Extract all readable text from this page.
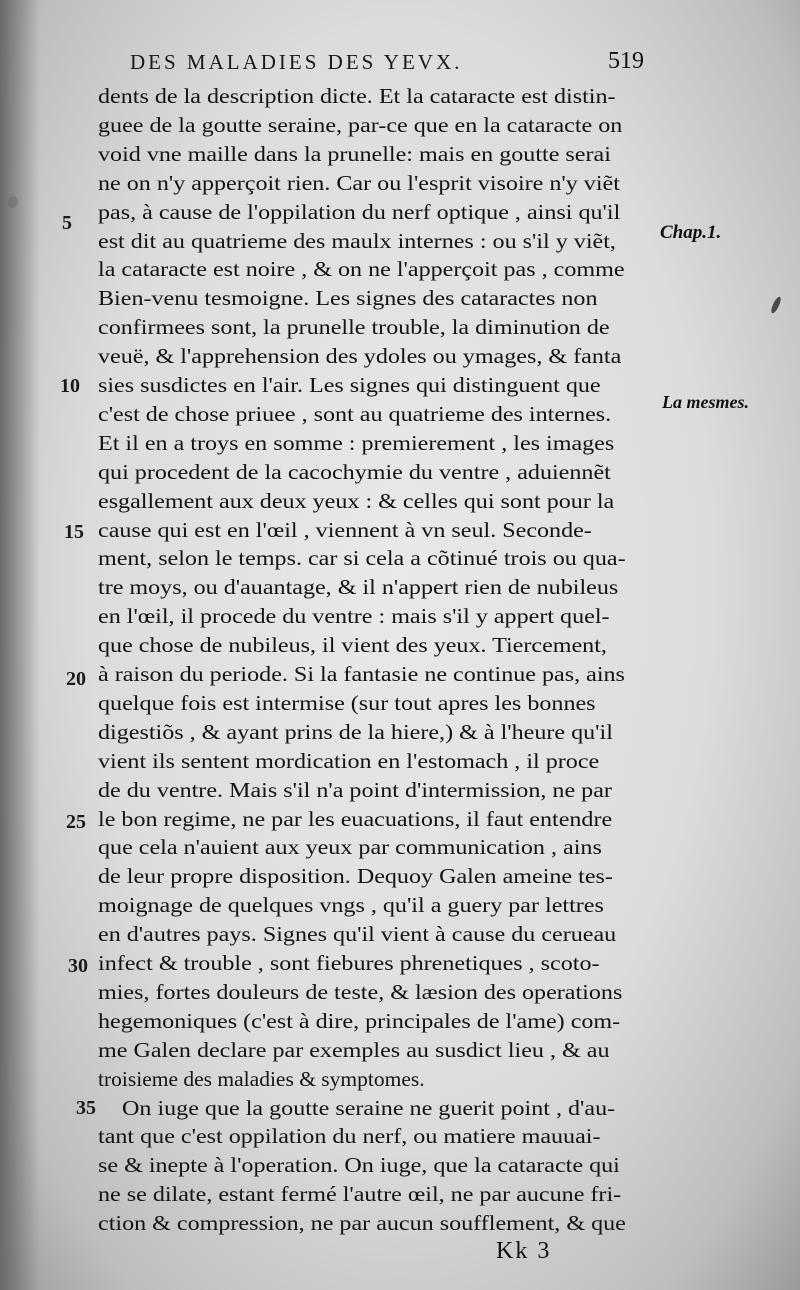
DES MALADIES DES YEVX.	519
dents de la description dicte. Et la cataracte est distin-
guee de la goutte seraine, par-ce que en la cataracte on
void vne maille dans la prunelle: mais en goutte serai
ne on n'y apperçoit rien. Car ou l'esprit visoire n'y viẽt
pas, à cause de l'oppilation du nerf optique , ainsi qu'il
est dit au quatrieme des maulx internes : ou s'il y viẽt,
la cataracte est noire , & on ne l'apperçoit pas , comme
Bien-venu tesmoigne. Les signes des cataractes non
confirmees sont, la prunelle trouble, la diminution de
veuë, & l'apprehension des ydoles ou ymages, & fanta
sies susdictes en l'air. Les signes qui distinguent que
c'est de chose priuee , sont au quatrieme des internes.
Et il en a troys en somme : premierement , les images
qui procedent de la cacochymie du ventre , aduiennẽt
esgallement aux deux yeux : & celles qui sont pour la
cause qui est en l'œil , viennent à vn seul. Seconde-
ment, selon le temps. car si cela a cõtinué trois ou qua-
tre moys, ou d'auantage, & il n'appert rien de nubileus
en l'œil, il procede du ventre : mais s'il y appert quel-
que chose de nubileus, il vient des yeux. Tiercement,
à raison du periode. Si la fantasie ne continue pas, ains
quelque fois est intermise (sur tout apres les bonnes
digestiõs , & ayant prins de la hiere,) & à l'heure qu'il
vient ils sentent mordication en l'estomach , il proce
de du ventre. Mais s'il n'a point d'intermission, ne par
le bon regime, ne par les euacuations, il faut entendre
que cela n'auient aux yeux par communication , ains
de leur propre disposition. Dequoy Galen ameine tes-
moignage de quelques vngs , qu'il a guery par lettres
en d'autres pays. Signes qu'il vient à cause du cerueau
infect & trouble , sont fiebures phrenetiques , scoto-
mies, fortes douleurs de teste, & læsion des operations
hegemoniques (c'est à dire, principales de l'ame) com-
me Galen declare par exemples au susdict lieu , & au
troisieme des maladies & symptomes.
On iuge que la goutte seraine ne guerit point , d'au-
tant que c'est oppilation du nerf, ou matiere mauuai-
se & inepte à l'operation. On iuge, que la cataracte qui
ne se dilate, estant fermé l'autre œil, ne par aucune fri-
ction & compression, ne par aucun soufflement, & que
Chap.1.
La mesmes.
5
10
15
20
25
30
35
Kk 3
